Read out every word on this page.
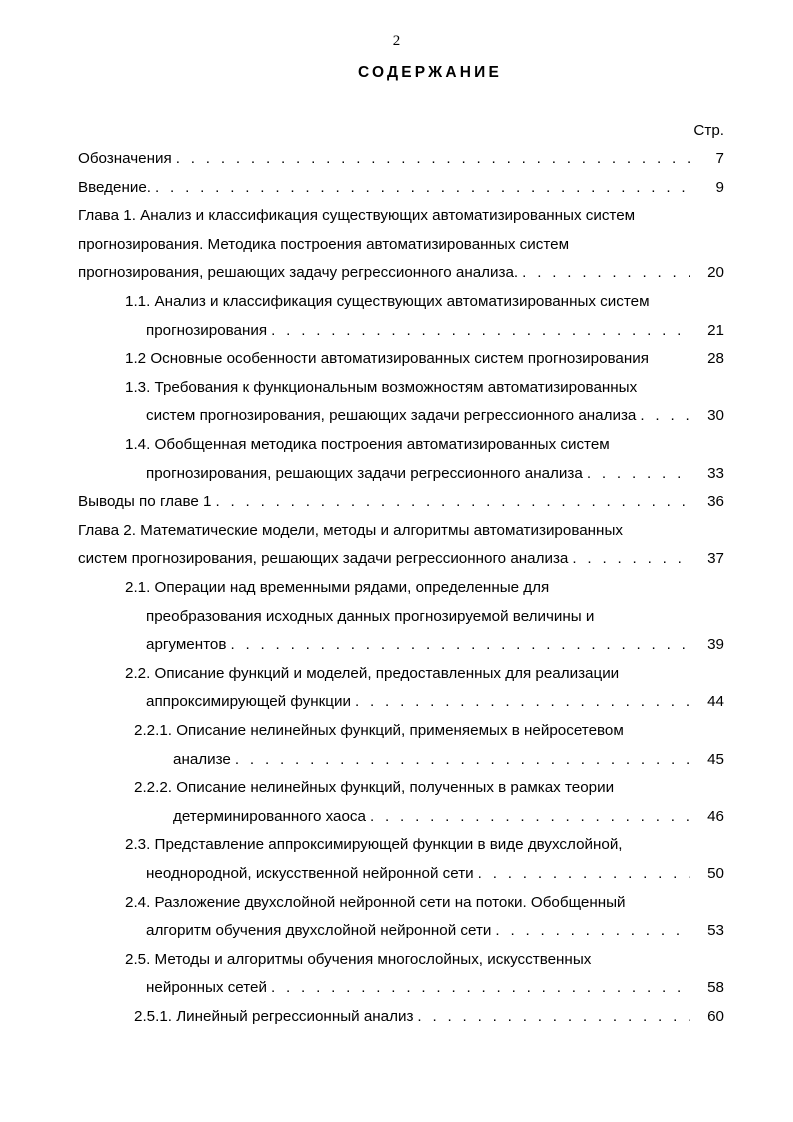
2
СОДЕРЖАНИЕ
Стр.
Обозначения . . .	7
Введение. . . .	9
Глава 1. Анализ и классификация существующих автоматизированных систем
прогнозирования. Методика построения автоматизированных систем
прогнозирования, решающих задачу регрессионного анализа. . . .	20
1.1. Анализ и классификация существующих автоматизированных систем
прогнозирования . . .	21
1.2 Основные особенности автоматизированных систем прогнозирования	28
1.3. Требования к функциональным возможностям автоматизированных
систем прогнозирования, решающих задачи регрессионного анализа . . .	30
1.4. Обобщенная методика построения автоматизированных систем
прогнозирования, решающих задачи регрессионного анализа . . .	33
Выводы по главе 1 . . .	36
Глава 2. Математические модели, методы и алгоритмы автоматизированных
систем прогнозирования, решающих задачи регрессионного анализа . . .	37
2.1. Операции над временными рядами, определенные для
преобразования исходных данных прогнозируемой величины и
аргументов . . .	39
2.2. Описание функций и моделей, предоставленных для реализации
аппроксимирующей функции . . .	44
2.2.1. Описание нелинейных функций, применяемых в нейросетевом
анализе . . .	45
2.2.2. Описание нелинейных функций, полученных в рамках теории
детерминированного хаоса . . .	46
2.3. Представление аппроксимирующей функции в виде двухслойной,
неоднородной, искусственной нейронной сети . . .	50
2.4. Разложение двухслойной нейронной сети на потоки. Обобщенный
алгоритм обучения двухслойной нейронной сети . . .	53
2.5. Методы и алгоритмы обучения многослойных, искусственных
нейронных сетей . . .	58
2.5.1. Линейный регрессионный анализ . . .	60
